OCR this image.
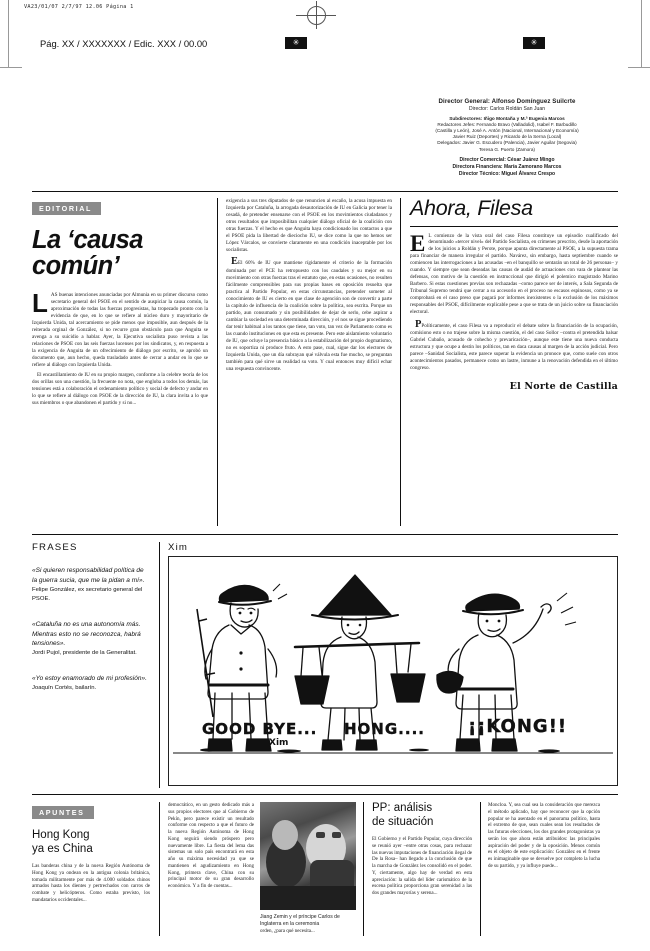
VA23/01/07 2/7/97 12.06 Página 1
Pág. XX / XXXXXXX / Edic. XXX / 00.00	✳	✳
Director General: Alfonso Domínguez Suilcrte
Director: Carlos Roldán San Juan
Subdirectores: Iñigo Montaña y M.ª Eugenia Marcos
Redactores Jefes: Fernando Bravo (Valladolid), Isabel F. Barbudillo
(Castilla y León), José A. Antón (Nacional, Internacional y Economía)
Javier Ruiz (Deportes) y Ricardo de la Serna (Local)
Delegados: Javier G. Escudero (Palencia), Javier Aguilar (Segovia)
Teresa G. Puerto (Zamora)
Director Comercial: César Juárez Mingo
Directora Financiera: María Zamorano Marcos
Director Técnico: Miguel Álvarez Crespo
EDITORIAL
La ‘causa
común’
L AS buenas intenciones anunciadas por Almunia en su primer discurso como secretario general del PSOE en el sentido de auspiciar la causa común, la aproximación de todas las fuerzas progresistas, ha tropezado pronto con la evidencia de que, en lo que se refiere al núcleo duro y mayoritario de Izquierda Unida, tal acercamiento se pide menos que imposible, aun después de la reiterada orginal de González, si no recurre gran obstáculo para que Anguita se avenga a su suicidio a hablar. Ayer, la Ejecutiva socialista puso revista a las relaciones de PSOE con las seis fuerzas lucenses por los sindicatos, y, en respuesta a la exigencia de Anguita de un ofrecimiento de diálogo por escrito, se aprobó un documento que, aun hecho, queda trasladado antes de cerrar a andar en lo que se refiere al diálogo con Izquierda Unida.

El encastillamiento de IU en su propio margen, conforme a la celebre teoría de los dos orillas son una cuestión, la frecuente no nota, que engloba a todos los demás, las tensiones está a colaboración el ordenamiento político y social de defecto y andar en lo que se refiere al diálogo con PSOE de la dirección de IU, la clara invita a lo que sus miembros o que abandonen el partido y si no...

exigencia a sus tres diputados de que renuncien al escaño, la acusa impuesta en Izquierda por Cataluña, la arrogada desautorización de IU en Galicia por tener la cesadá, de pretender ensenarse con el PSOE en los movimientos ciudadanos y otros resultados que imposibilitan cualquier diálogo oficial de la coalición con otras fuerzas. Y el hecho es que Anguita haya condicionado los contactos a que el PSOE pida la libertad de dieciocho IU, se dice como la que no hemos ser López Várcalos, se convierte claramente en una condición inaceptable por los socialistas.

EEl 60% de IU que mantiene rígidamente el criterio de la formación dominada por el PCE ha retropuesto con los caudales y su mejor en su movimiento con otras fuerzas tras el estatuto que, en estas ocasiones, no resulten fácilmente comprensibles para sus propias bases en oposición resuelta que practica al Partido Popular, en estas circunstancias, pretender someter al conocimiento de IU es cierto en que clase de agención son de convertir a parte la capítulo de influencia de la coalición sobre la política, sea escrita. Porque un partido, aun consumado y sin posibilidades de dejar de serlo, cebe aspirar a cambiar la sociedad en una determinada dirección, y el nos se sigue procediendo dar tenir habitual a los tantos que tiene, tan voto, tan vez de Parlamento como es las cuando instituciones en que esta es presente. Pero este aislamiento voluntario de IU, que ocluye la presencia básico a la estabilización del propio dogmatismo, no es soportiza ni produce fruto. A esto pase, cual, sigue dar los electores de Izquierda Unida, que un día subrayan qué válvula esta fue mucho, se preguntan también para qué sirve un realidad su voto. Y cual entonces muy difícil echar una respuesta convincente.

Ahora, Filesa
E L comienzo de la vista oral del caso Filesa constituye un episodio cualificado del denominado «tercer nivel» del Partido Socialista, en crímenes prescrito, desde la aportación de los juicios a Roldán y Perote, porque apunta directamente al PSOE, a la supuesta trama para financiar de manera irregular el partido. Navárez, sin embargo, hasta septiembre cuando se comiencen las interrogaciones a las acusadas –en el banquillo se sentarán un total de 26 personas– y cuando. Y siempre que sean deseadas las causas de audád de actuaciones con vara de plantear las defensas, con motivo de la cuestión en instruccional que dirigió el polemico magistrado Marino Barbero. Si estas cuestiones previas son rechazadas –como parece ser de interés, a Sala Segunda de Tribunal Supremo tendrá que cerrar a su accesorio en el proceso no escasos espinosos, como ya se comprobará en el caso preso que pagará por informes inexistentes o la exclusión de los máximos responsables del PSOE, difícilmente explicable pese a que se trata de un juicio sobre su financiación electoral.

PPolíticamente, el caso Filesa va a reproducir el debate sobre la financiación de la ocupación, comísiono esto o no trajese sobre la misma cuestión, el del caso Sollor –contra el pretendida balsar Gabriel Cubaño, acusado de cohecho y prevaricación–, aunque este tiene una nueva conducta estructura y que ocupe a destin los políticos, tan en daca causas al margen de la acción judicial. Pero parece –Sanidad Socialista, este parece superar la evidencia un pronoce que, como suele con otros acontecimientos pasados, permanece como un lastre, inmune a la renovación defendida en el último congreso.

El Norte de Castilla
FRASES
«Si quieren responsabilidad política de la guerra sucia, que me la pidan a mí».
Felipe González, ex secretario general del PSOE.
«Cataluña no es una autonomía más. Mientras esto no se reconozca, habrá tensiones».
Jordi Pujol, presidente de la Generalitat.
«Yo estoy enamorado de mi profesión».
Joaquín Cortés, bailarín.
Xim
Xim
GOOD BYE... HONG.... ¡¡KONG!!
APUNTES
Hong Kong
ya es China

Las banderas china y de la nueva Región Autónoma de Hong Kong ya ondean en la antigua colonia británica, tomada militarmente por más de 4.000 soldados chinos armados hasta los dientes y pertrechados con carros de combate y helicópteros. Como estaba previsto, los mandatarios occidentales...

democrático, en un gesto dedicado más a sus propios electores que al Gobierno de Pekín, pero parece existir un resultado conforme con respecto a que el futuro de la nueva Región Autónoma de Hong Kong seguirá siendo próspero pero nuevamente libre. La fiesta del lema das sistemas un solo país encontrará en esta año su máxima necesidad ya que se mantienen el agudizamiento en Hong Kong, primera clave, China con su principal motor de su gran desarrollo económico. Y a fin de cuentas...

Jiang Zemin y el príncipe Carlos de Inglaterra en la ceremonia
PP: análisis
de situación

El Gobierno y el Partido Popular, cuya dirección se reunió ayer –entre otras cosas, para rechazar las nuevas imputaciones de financiación ilegal de De la Rosa– han llegado a la conclusión de que la marcha de González les consolidó en el poder. Y, ciertamente, algo hay de verdad en esta apreciación: la salida del líder carismático de la escena política proporciona gran serenidad a las dos grandes mayorías y serena...

Moncloa. Y, sea cual sea la consideración que merezca el método aplicado, hay que reconocer que la opción popular se ha asentado en el panorama político, hasta el extremo de que, sean cuales sean los resultados de las futuras elecciones, los dos grandes protagonistas ya serán los que ahora están atribuidos: las principales aspiración del poder y de la oposición. Menos común es el objeto de este explicación: González en el frente es inimaginable que se devuelve por completo la lucha de su partido, y ya influye puede...

orden, ¿para qué necesita...
